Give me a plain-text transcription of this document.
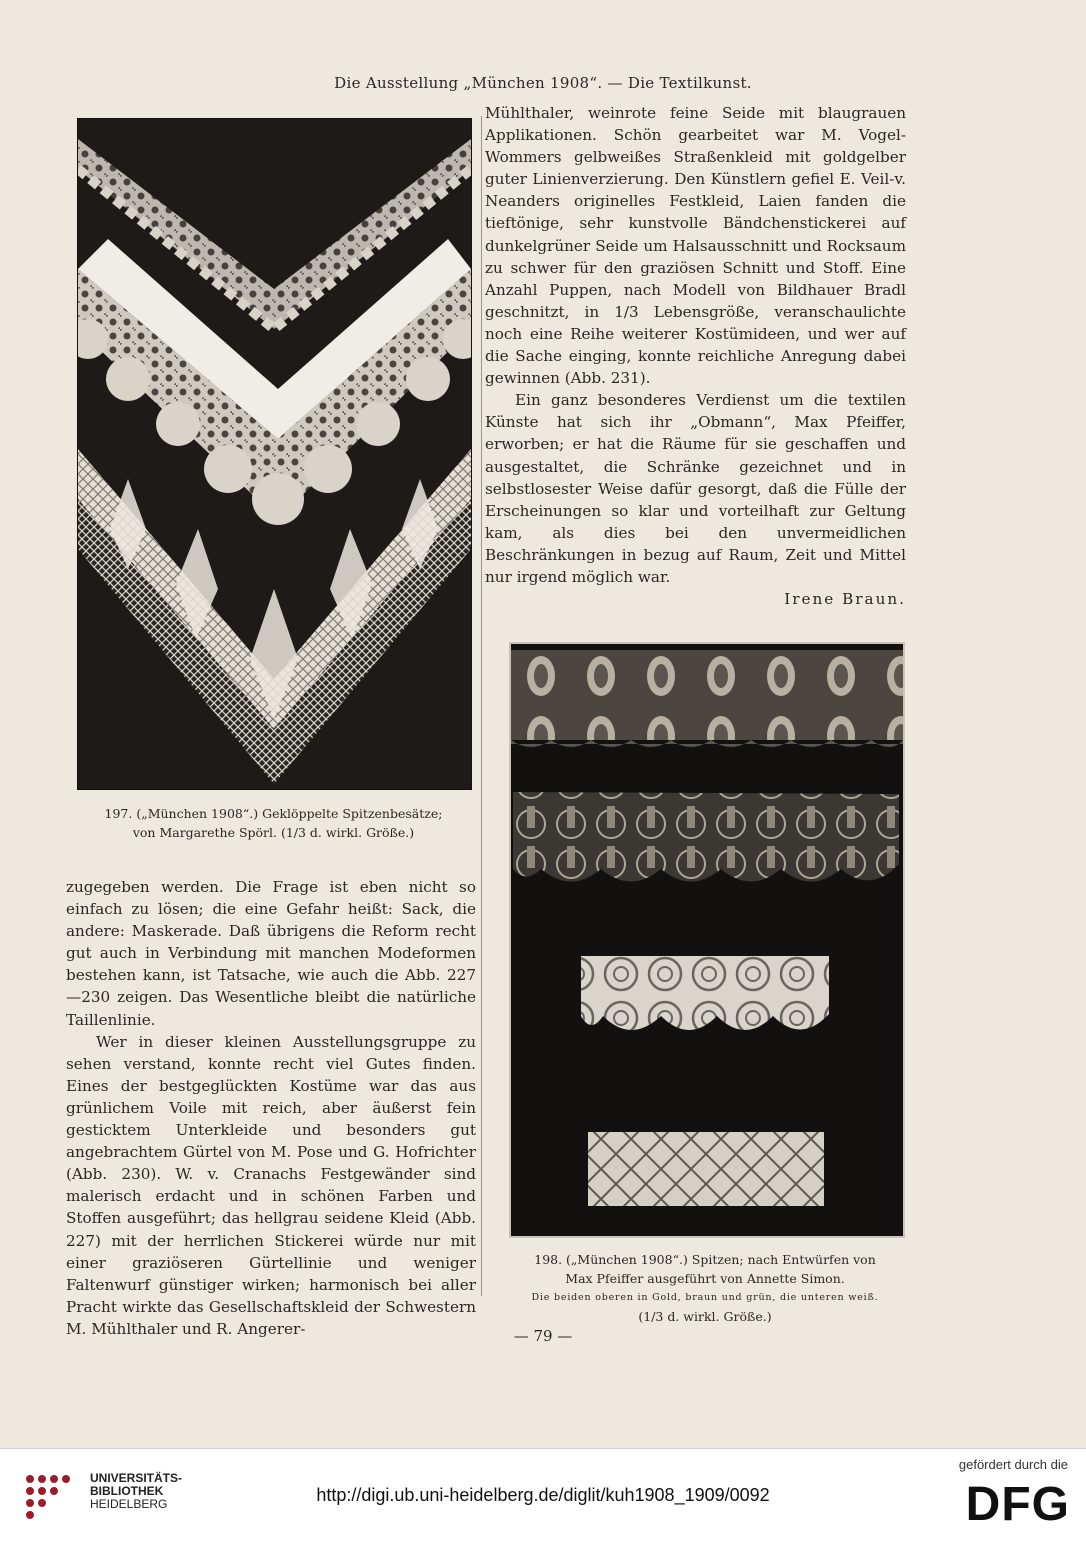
Die Ausstellung „München 1908“. — Die Textilkunst.
197. („München 1908“.) Geklöppelte Spitzenbesätze;
von Margarethe Spörl. (1/3 d. wirkl. Größe.)

Mühlthaler, weinrote feine Seide mit blaugrauen Applikationen. Schön gearbeitet war M. Vogel-Wommers gelbweißes Straßenkleid mit goldgelber guter Linienverzierung. Den Künstlern gefiel E. Veil-v. Neanders originelles Festkleid, Laien fanden die tieftönige, sehr kunstvolle Bändchenstickerei auf dunkelgrüner Seide um Halsausschnitt und Rocksaum zu schwer für den graziösen Schnitt und Stoff. Eine Anzahl Puppen, nach Modell von Bildhauer Bradl geschnitzt, in 1/3 Lebensgröße, veranschaulichte noch eine Reihe weiterer Kostümideen, und wer auf die Sache einging, konnte reichliche Anregung dabei gewinnen (Abb. 231).

Ein ganz besonderes Verdienst um die textilen Künste hat sich ihr „Obmann“, Max Pfeiffer, erworben; er hat die Räume für sie geschaffen und ausgestaltet, die Schränke gezeichnet und in selbstlosester Weise dafür gesorgt, daß die Fülle der Erscheinungen so klar und vorteilhaft zur Geltung kam, als dies bei den unvermeidlichen Beschränkungen in bezug auf Raum, Zeit und Mittel nur irgend möglich war.

Irene Braun.
198. („München 1908“.) Spitzen; nach Entwürfen von
Max Pfeiffer ausgeführt von Annette Simon.
Die beiden oberen in Gold, braun und grün, die unteren weiß.
(1/3 d. wirkl. Größe.)

zugegeben werden. Die Frage ist eben nicht so einfach zu lösen; die eine Gefahr heißt: Sack, die andere: Maskerade. Daß übrigens die Reform recht gut auch in Verbindung mit manchen Modeformen bestehen kann, ist Tatsache, wie auch die Abb. 227—230 zeigen. Das Wesentliche bleibt die natürliche Taillenlinie.

Wer in dieser kleinen Ausstellungsgruppe zu sehen verstand, konnte recht viel Gutes finden. Eines der bestgeglückten Kostüme war das aus grünlichem Voile mit reich, aber äußerst fein gesticktem Unterkleide und besonders gut angebrachtem Gürtel von M. Pose und G. Hofrichter (Abb. 230). W. v. Cranachs Festgewänder sind malerisch erdacht und in schönen Farben und Stoffen ausgeführt; das hellgrau seidene Kleid (Abb. 227) mit der herrlichen Stickerei würde nur mit einer graziöseren Gürtellinie und weniger Faltenwurf günstiger wirken; harmonisch bei aller Pracht wirkte das Gesellschaftskleid der Schwestern M. Mühlthaler und R. Angerer-	— 79 —
UNIVERSITÄTS-
BIBLIOTHEK
HEIDELBERG	http://digi.ub.uni-heidelberg.de/diglit/kuh1908_1909/0092
gefördert durch die
DFG
